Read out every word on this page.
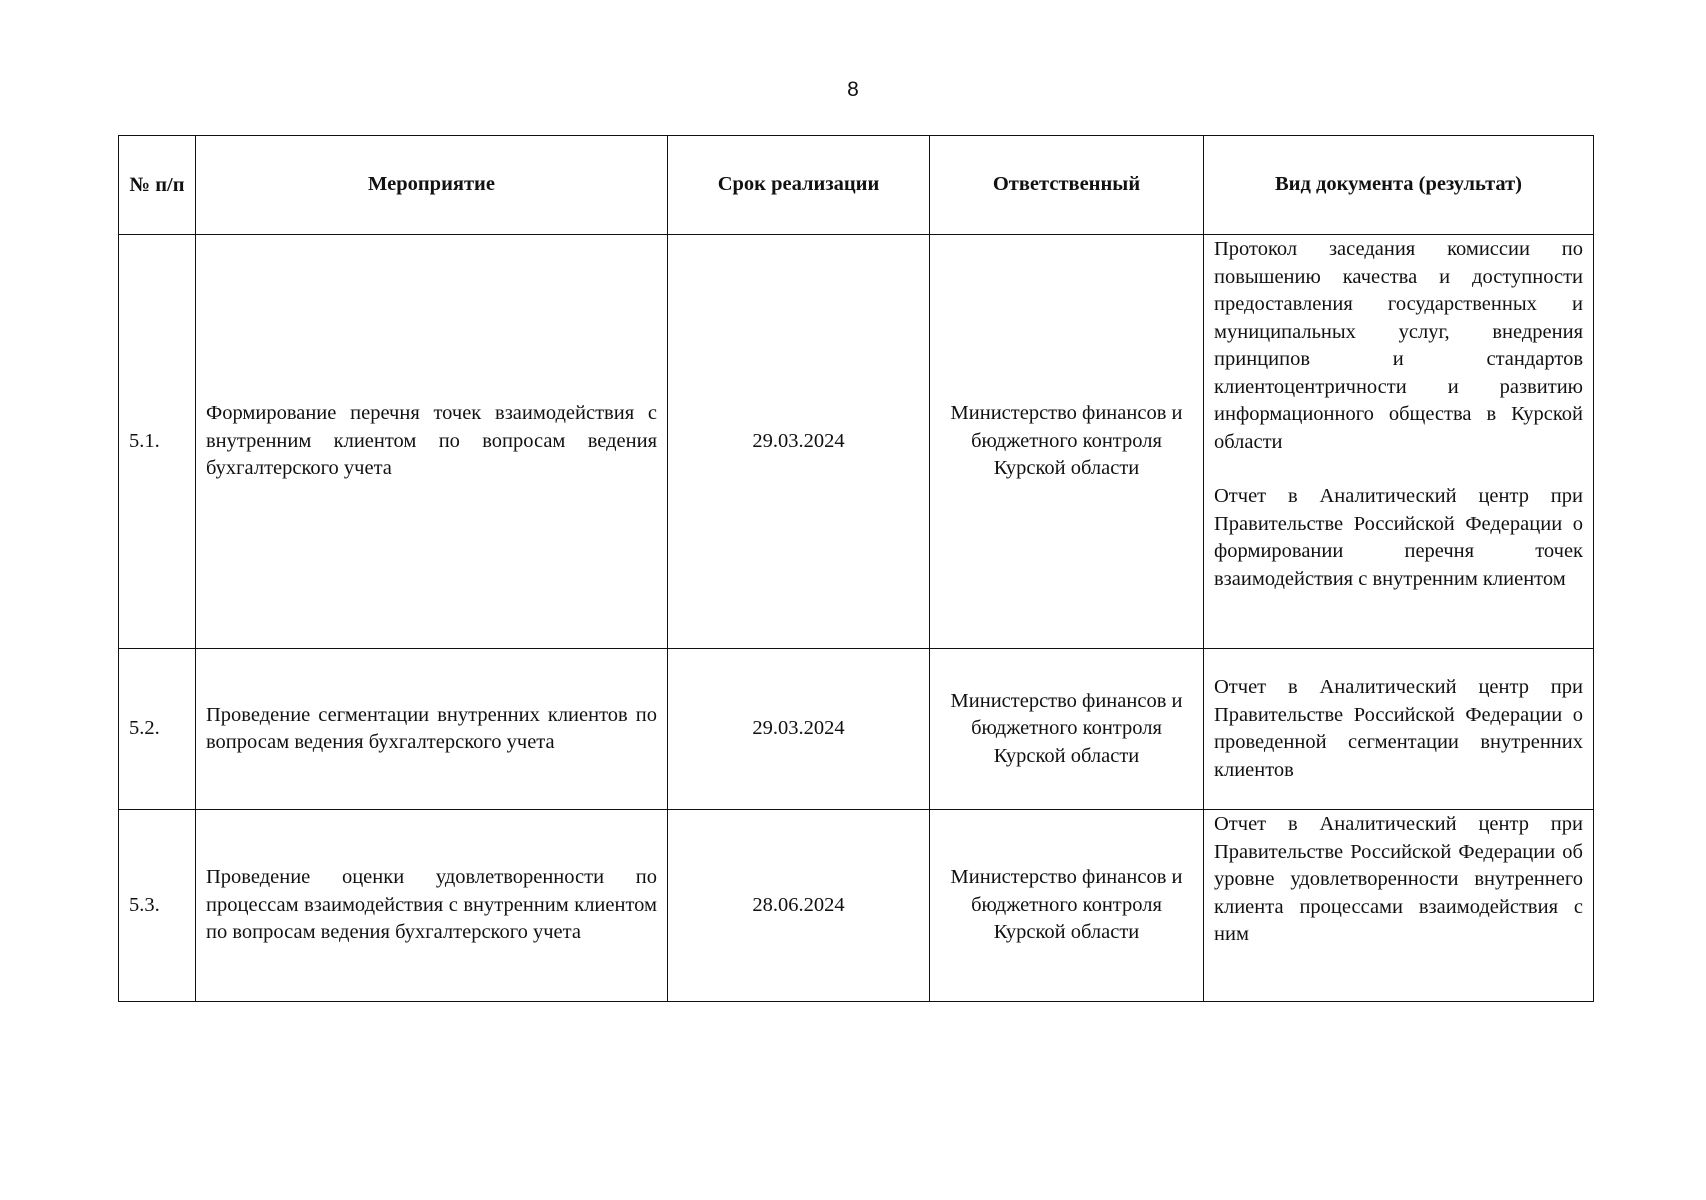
8
№ п/п	Мероприятие	Срок реализации	Ответственный	Вид документа (результат)
5.1.	Формирование перечня точек взаимодействия с внутренним клиентом по вопросам ведения бухгалтерского учета	29.03.2024	Министерство финансов и бюджетного контроля Курской области	Протокол заседания комиссии по повышению качества и доступности предоставления государственных и муниципальных услуг, внедрения принципов и стандартов клиентоцентричности и развитию информационного общества в Курской области
Отчет в Аналитический центр при Правительстве Российской Федерации о формировании перечня точек взаимодействия с внутренним клиентом

5.2.	Проведение сегментации внутренних клиентов по вопросам ведения бухгалтерского учета	29.03.2024	Министерство финансов и бюджетного контроля Курской области	Отчет в Аналитический центр при Правительстве Российской Федерации о проведенной сегментации внутренних клиентов

5.3.	Проведение оценки удовлетворенности по процессам взаимодействия с внутренним клиентом по вопросам ведения бухгалтерского учета	28.06.2024	Министерство финансов и бюджетного контроля Курской области	Отчет в Аналитический центр при Правительстве Российской Федерации об уровне удовлетворенности внутреннего клиента процессами взаимодействия с ним
